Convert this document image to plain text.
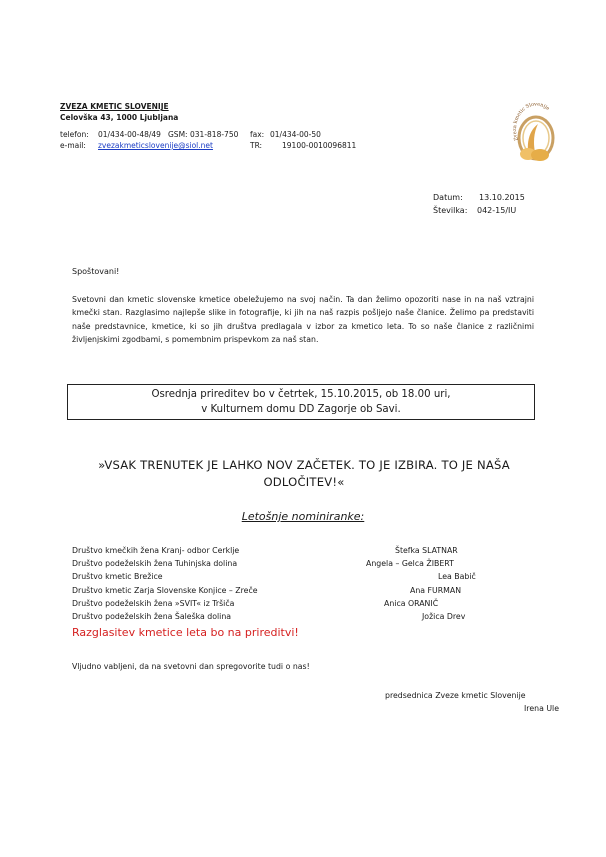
ZVEZA KMETIC SLOVENIJE
Celovška 43, 1000 Ljubljana
telefon: 01/434-00-48/49 GSM: 031-818-750 fax: 01/434-00-50
e-mail: zvezakmeticslovenije@siol.net	TR:	19100-0010096811
Zveza kmetic Slovenije
Datum: 13.10.2015
Številka: 042-15/IU
Spoštovani!
Svetovni dan kmetic slovenske kmetice obeležujemo na svoj način. Ta dan želimo opozoriti nase in na naš vztrajni kmečki stan. Razglasimo najlepše slike in fotografije, ki jih na naš razpis pošljejo naše članice. Želimo pa predstaviti naše predstavnice, kmetice, ki so jih društva predlagala v izbor za kmetico leta. To so naše članice z različnimi življenjskimi zgodbami, s pomembnim prispevkom za naš stan.
Osrednja prireditev bo v četrtek, 15.10.2015, ob 18.00 uri,
v Kulturnem domu DD Zagorje ob Savi.
»VSAK TRENUTEK JE LAHKO NOV ZAČETEK. TO JE IZBIRA. TO JE NAŠA ODLOČITEV!«
Letošnje nominiranke:
Društvo kmečkih žena Kranj- odbor Cerklje	Štefka SLATNAR
Društvo podeželskih žena Tuhinjska dolina	Angela – Gelca ŽIBERT
Društvo kmetic Brežice	Lea Babič
Društvo kmetic Zarja Slovenske Konjice – Zreče	Ana FURMAN
Društvo podeželskih žena »SVIT« iz Tršiča	Anica ORANIČ
Društvo podeželskih žena Šaleška dolina	Jožica Drev
Razglasitev kmetice leta bo na prireditvi!
Vljudno vabljeni, da na svetovni dan spregovorite tudi o nas!
predsednica Zveze kmetic Slovenije
Irena Ule
